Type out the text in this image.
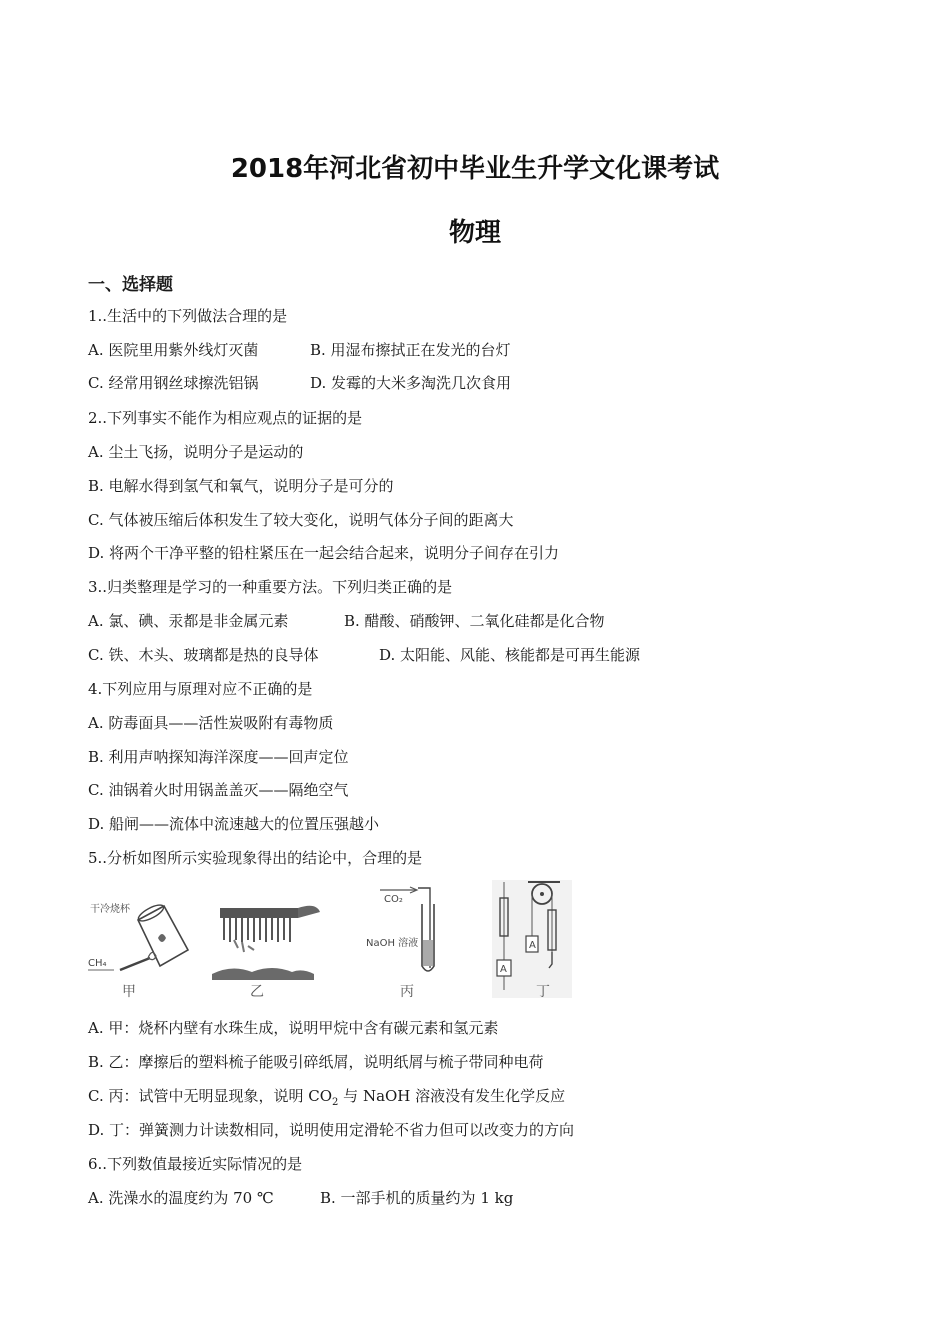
2018年河北省初中毕业生升学文化课考试
物理
一、选择题
1..生活中的下列做法合理的是
A. 医院里用紫外线灯灭菌	B. 用湿布擦拭正在发光的台灯
C. 经常用钢丝球擦洗铝锅	D. 发霉的大米多淘洗几次食用
2..下列事实不能作为相应观点的证据的是
A. 尘土飞扬，说明分子是运动的
B. 电解水得到氢气和氧气，说明分子是可分的
C. 气体被压缩后体积发生了较大变化，说明气体分子间的距离大
D. 将两个干净平整的铅柱紧压在一起会结合起来，说明分子间存在引力
3..归类整理是学习的一种重要方法。下列归类正确的是
A. 氯、碘、汞都是非金属元素	B. 醋酸、硝酸钾、二氧化硅都是化合物
C. 铁、木头、玻璃都是热的良导体	D. 太阳能、风能、核能都是可再生能源
4.下列应用与原理对应不正确的是
A. 防毒面具——活性炭吸附有毒物质
B. 利用声呐探知海洋深度——回声定位
C. 油锅着火时用锅盖盖灭——隔绝空气
D. 船闸——流体中流速越大的位置压强越小
5..分析如图所示实验现象得出的结论中，合理的是
干冷烧杯
CH₄
甲	乙
CO₂
NaOH 溶液
丙
A
A
丁
A. 甲：烧杯内壁有水珠生成，说明甲烷中含有碳元素和氢元素
B. 乙：摩擦后的塑料梳子能吸引碎纸屑，说明纸屑与梳子带同种电荷
C. 丙：试管中无明显现象，说明 $CO_2$ 与 NaOH 溶液没有发生化学反应
D. 丁：弹簧测力计读数相同，说明使用定滑轮不省力但可以改变力的方向
6..下列数值最接近实际情况的是
A. 洗澡水的温度约为 70 ℃	B. 一部手机的质量约为 1 kg
